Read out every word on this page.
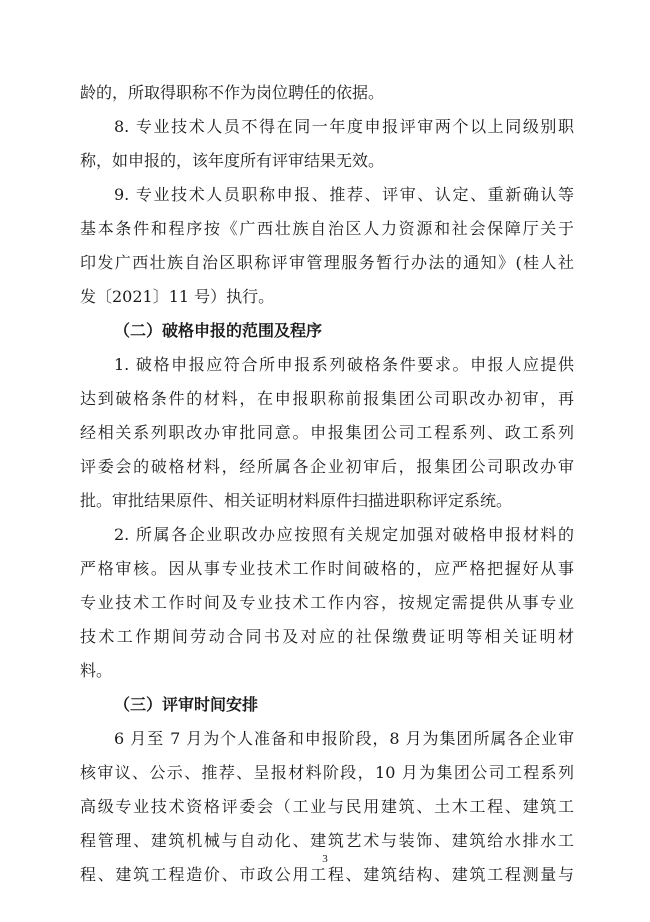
龄的，所取得职称不作为岗位聘任的依据。
8. 专业技术人员不得在同一年度申报评审两个以上同级别职
称，如申报的，该年度所有评审结果无效。
9. 专业技术人员职称申报、推荐、评审、认定、重新确认等
基本条件和程序按《广西壮族自治区人力资源和社会保障厅关于
印发广西壮族自治区职称评审管理服务暂行办法的通知》(桂人社
发〔2021〕11 号）执行。
（二）破格申报的范围及程序
1. 破格申报应符合所申报系列破格条件要求。申报人应提供
达到破格条件的材料，在申报职称前报集团公司职改办初审，再
经相关系列职改办审批同意。申报集团公司工程系列、政工系列
评委会的破格材料，经所属各企业初审后，报集团公司职改办审
批。审批结果原件、相关证明材料原件扫描进职称评定系统。
2. 所属各企业职改办应按照有关规定加强对破格申报材料的
严格审核。因从事专业技术工作时间破格的，应严格把握好从事
专业技术工作时间及专业技术工作内容，按规定需提供从事专业
技术工作期间劳动合同书及对应的社保缴费证明等相关证明材
料。
（三）评审时间安排
6 月至 7 月为个人准备和申报阶段，8 月为集团所属各企业审
核审议、公示、推荐、呈报材料阶段，10 月为集团公司工程系列
高级专业技术资格评委会（工业与民用建筑、土木工程、建筑工
程管理、建筑机械与自动化、建筑艺术与装饰、建筑给水排水工
程、建筑工程造价、市政公用工程、建筑结构、建筑工程测量与
3
